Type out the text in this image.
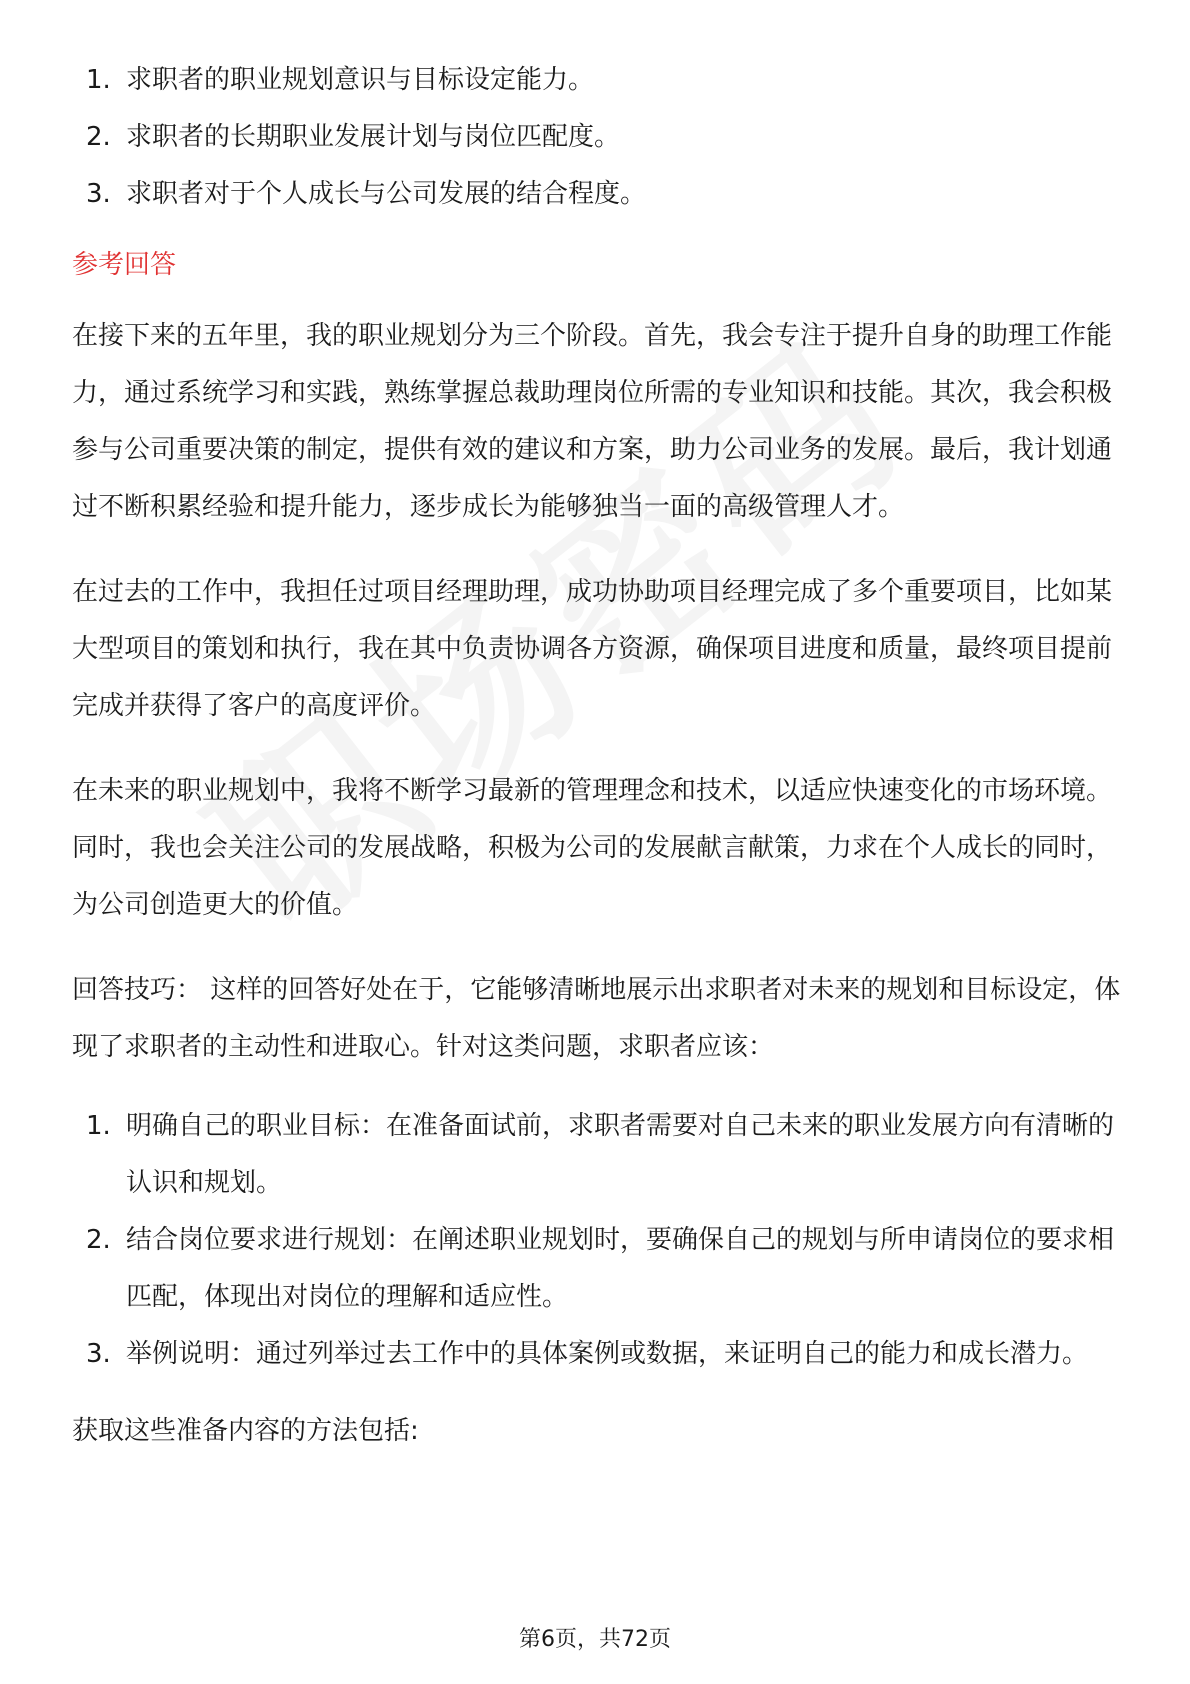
1. 求职者的职业规划意识与目标设定能力。
2. 求职者的长期职业发展计划与岗位匹配度。
3. 求职者对于个人成长与公司发展的结合程度。
参考回答

在接下来的五年里，我的职业规划分为三个阶段。首先，我会专注于提升自身的助理工作能力，通过系统学习和实践，熟练掌握总裁助理岗位所需的专业知识和技能。其次，我会积极参与公司重要决策的制定，提供有效的建议和方案，助力公司业务的发展。最后，我计划通过不断积累经验和提升能力，逐步成长为能够独当一面的高级管理人才。

在过去的工作中，我担任过项目经理助理，成功协助项目经理完成了多个重要项目，比如某大型项目的策划和执行，我在其中负责协调各方资源，确保项目进度和质量，最终项目提前完成并获得了客户的高度评价。

在未来的职业规划中，我将不断学习最新的管理理念和技术，以适应快速变化的市场环境。同时，我也会关注公司的发展战略，积极为公司的发展献言献策，力求在个人成长的同时，为公司创造更大的价值。

回答技巧： 这样的回答好处在于，它能够清晰地展示出求职者对未来的规划和目标设定，体现了求职者的主动性和进取心。针对这类问题，求职者应该：

1. 明确自己的职业目标：在准备面试前，求职者需要对自己未来的职业发展方向有清晰的认识和规划。
2. 结合岗位要求进行规划：在阐述职业规划时，要确保自己的规划与所申请岗位的要求相匹配，体现出对岗位的理解和适应性。
3. 举例说明：通过列举过去工作中的具体案例或数据，来证明自己的能力和成长潜力。

获取这些准备内容的方法包括:

第6页，共72页
